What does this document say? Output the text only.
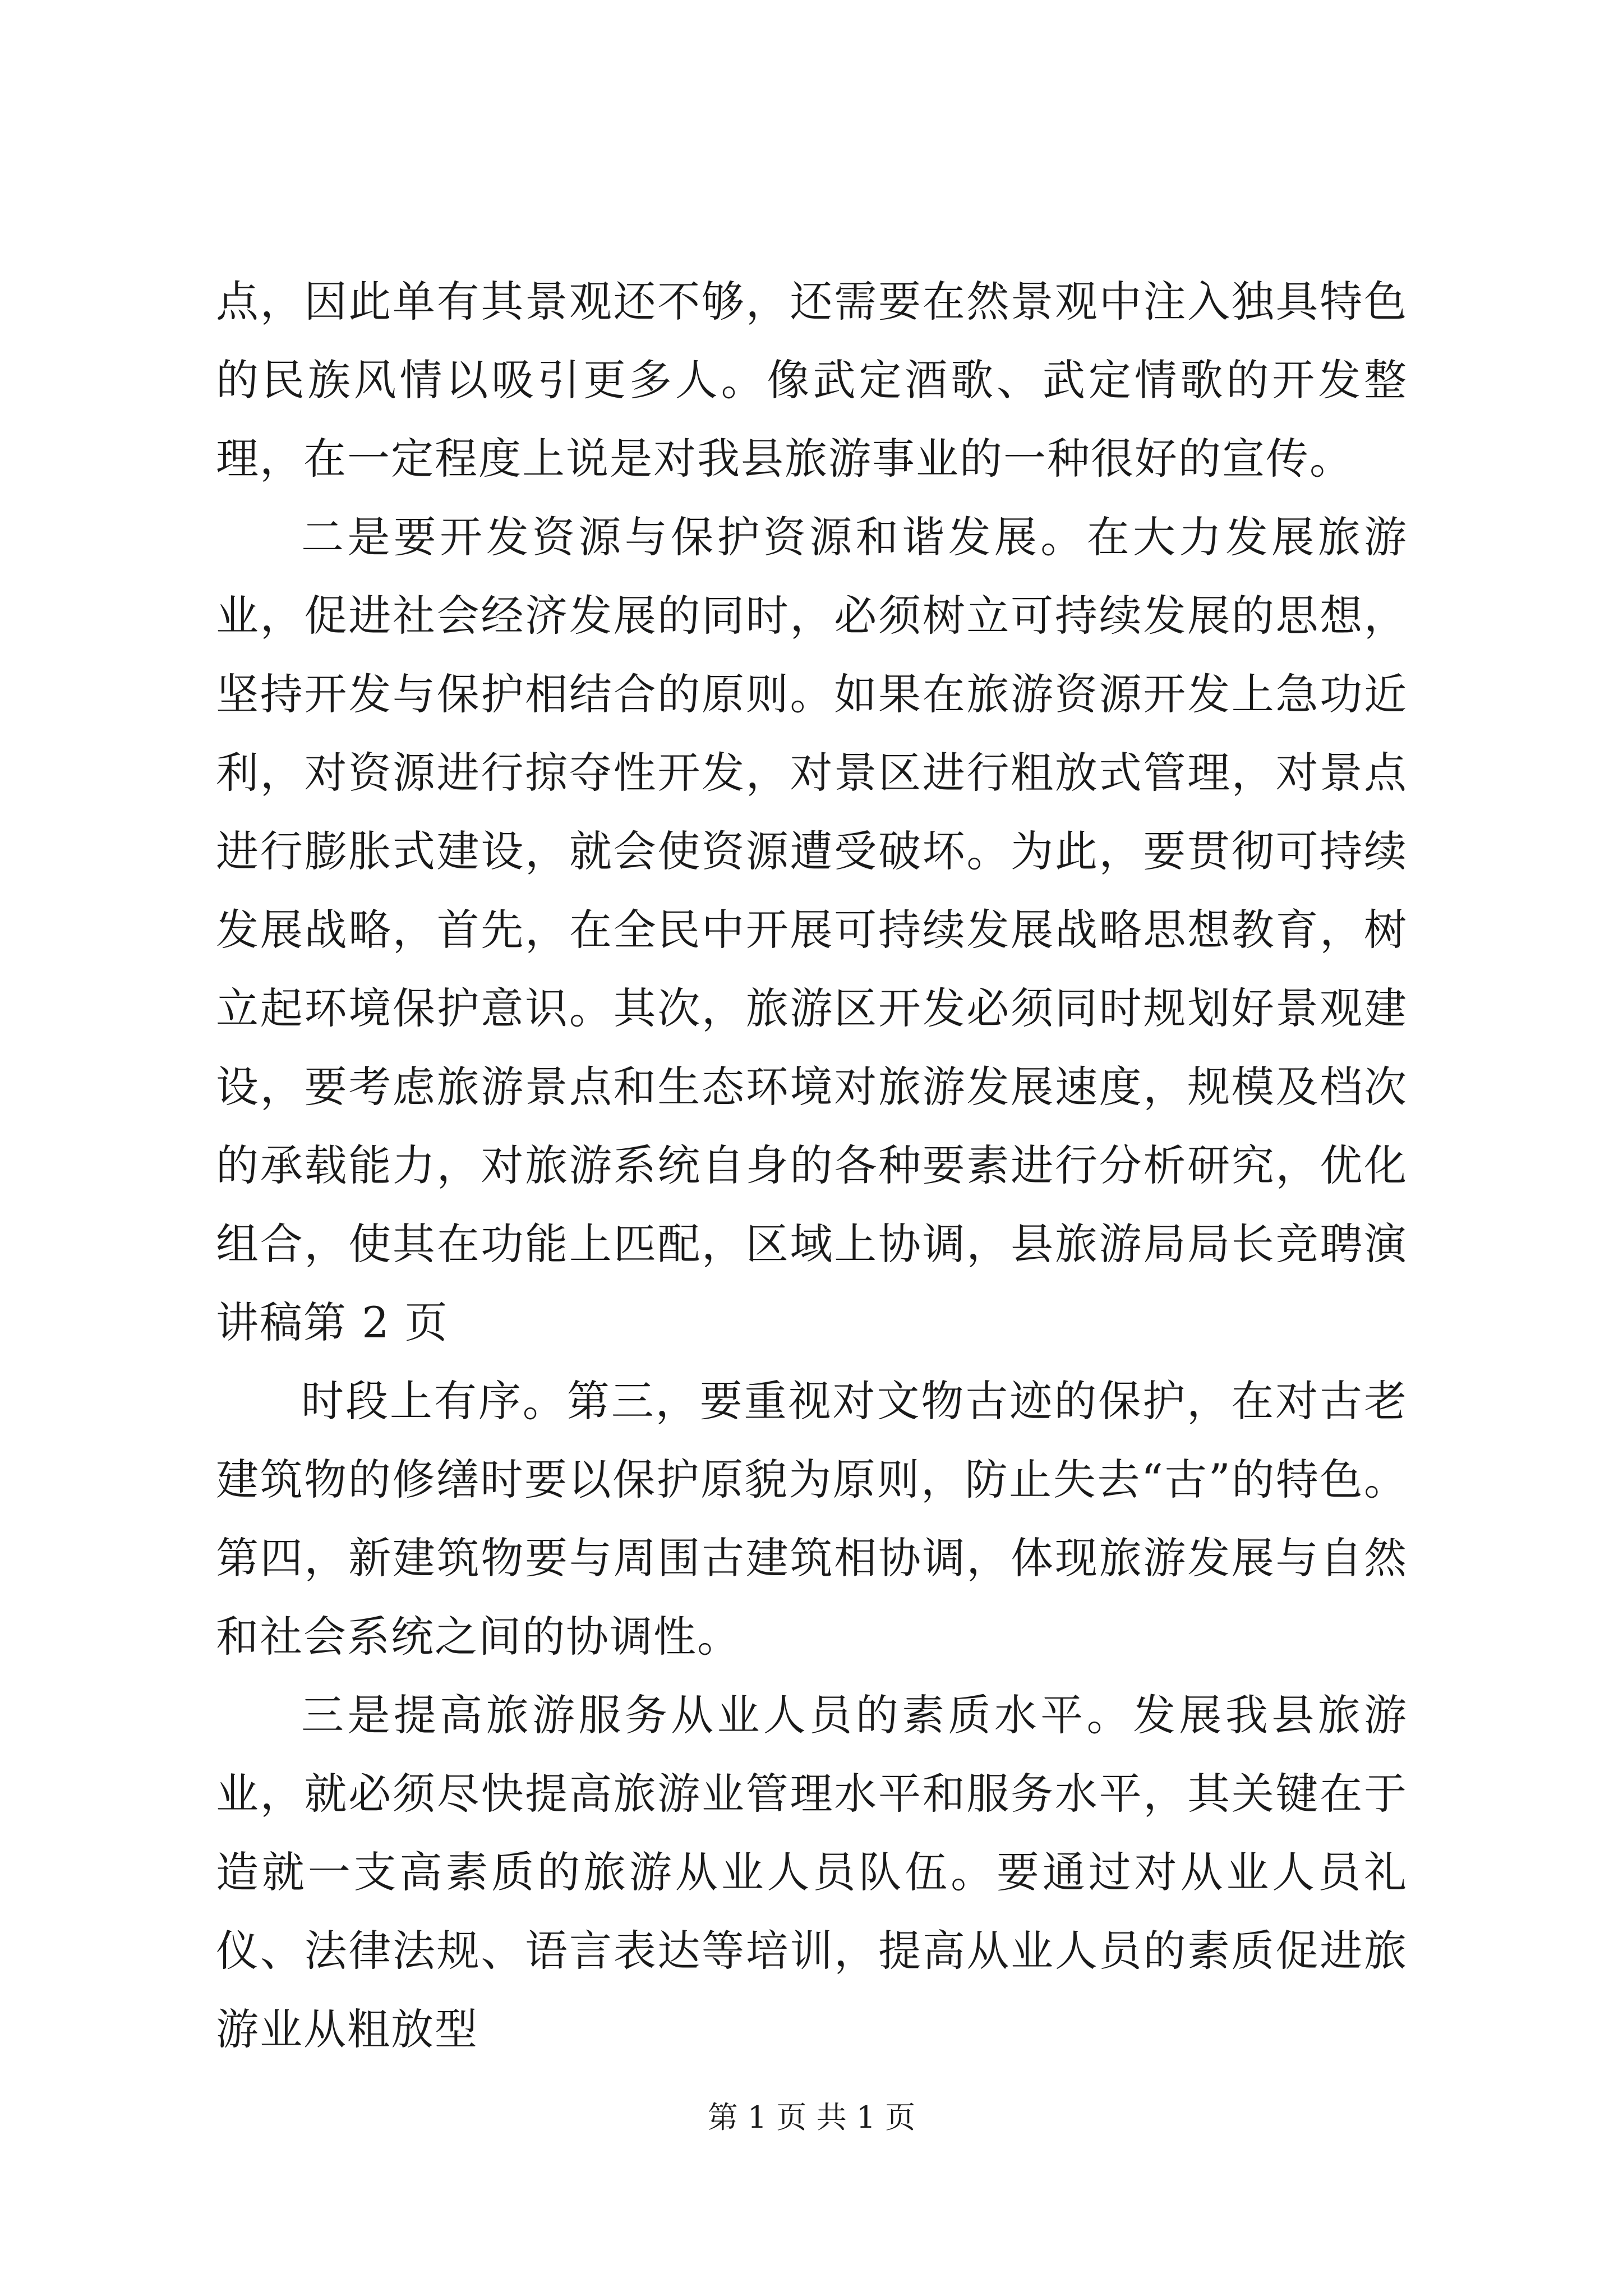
点，因此单有其景观还不够，还需要在然景观中注入独具特色的民族风情以吸引更多人。像武定酒歌、武定情歌的开发整理，在一定程度上说是对我县旅游事业的一种很好的宣传。

二是要开发资源与保护资源和谐发展。在大力发展旅游业，促进社会经济发展的同时，必须树立可持续发展的思想，坚持开发与保护相结合的原则。如果在旅游资源开发上急功近利，对资源进行掠夺性开发，对景区进行粗放式管理，对景点进行膨胀式建设，就会使资源遭受破坏。为此，要贯彻可持续发展战略，首先，在全民中开展可持续发展战略思想教育，树立起环境保护意识。其次，旅游区开发必须同时规划好景观建设，要考虑旅游景点和生态环境对旅游发展速度，规模及档次的承载能力，对旅游系统自身的各种要素进行分析研究，优化组合，使其在功能上匹配，区域上协调，县旅游局局长竞聘演讲稿第 2 页

时段上有序。第三，要重视对文物古迹的保护，在对古老建筑物的修缮时要以保护原貌为原则，防止失去“古”的特色。第四，新建筑物要与周围古建筑相协调，体现旅游发展与自然和社会系统之间的协调性。

三是提高旅游服务从业人员的素质水平。发展我县旅游业，就必须尽快提高旅游业管理水平和服务水平，其关键在于造就一支高素质的旅游从业人员队伍。要通过对从业人员礼仪、法律法规、语言表达等培训，提高从业人员的素质促进旅游业从粗放型

第 1 页 共 1 页
